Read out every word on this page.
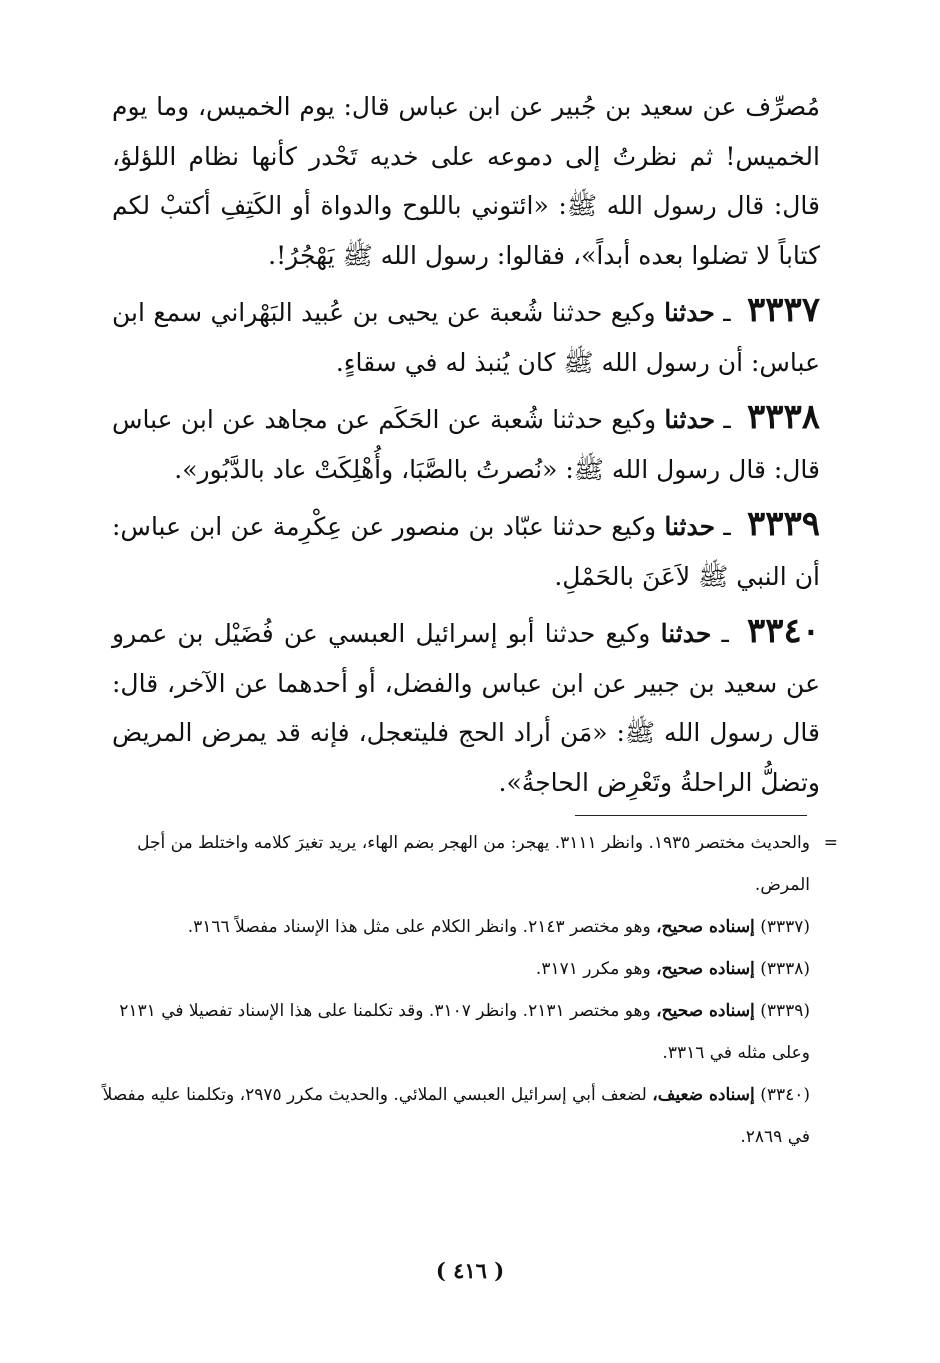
مُصرِّف عن سعيد بن جُبير عن ابن عباس قال: يوم الخميس، وما يوم الخميس! ثم نظرتُ إلى دموعه على خديه تَحْدر كأنها نظام اللؤلؤ، قال: قال رسول الله ﷺ: «ائتوني باللوح والدواة أو الكَتِفِ أكتبْ لكم كتاباً لا تضلوا بعده أبداً»، فقالوا: رسول الله ﷺ يَهْجُرُ!.

٣٣٣٧ ـ حدثنا وكيع حدثنا شُعبة عن يحيى بن عُبيد البَهْراني سمع ابن عباس: أن رسول الله ﷺ كان يُنبذ له في سقاءٍ.

٣٣٣٨ ـ حدثنا وكيع حدثنا شُعبة عن الحَكَم عن مجاهد عن ابن عباس قال: قال رسول الله ﷺ: «نُصرتُ بالصَّبَا، وأُهْلِكَتْ عاد بالدَّبُور».

٣٣٣٩ ـ حدثنا وكيع حدثنا عبّاد بن منصور عن عِكْرِمة عن ابن عباس: أن النبي ﷺ لاَعَنَ بالحَمْلِ.

٣٣٤٠ ـ حدثنا وكيع حدثنا أبو إسرائيل العبسي عن فُضَيْل بن عمرو عن سعيد بن جبير عن ابن عباس والفضل، أو أحدهما عن الآخر، قال: قال رسول الله ﷺ: «مَن أراد الحج فليتعجل، فإنه قد يمرض المريض وتضلُّ الراحلةُ وتَعْرِض الحاجةُ».

=
والحديث مختصر ١٩٣٥. وانظر ٣١١١. يهجر: من الهجر بضم الهاء، يريد تغيرَ كلامه واختلط من أجل المرض.

(٣٣٣٧) إسناده صحيح، وهو مختصر ٢١٤٣. وانظر الكلام على مثل هذا الإسناد مفصلاً ٣١٦٦.

(٣٣٣٨) إسناده صحيح، وهو مكرر ٣١٧١.

(٣٣٣٩) إسناده صحيح، وهو مختصر ٢١٣١. وانظر ٣١٠٧. وقد تكلمنا على هذا الإسناد تفصيلا في ٢١٣١ وعلى مثله في ٣٣١٦.

(٣٣٤٠) إسناده ضعيف، لضعف أبي إسرائيل العبسي الملائي. والحديث مكرر ٢٩٧٥، وتكلمنا عليه مفصلاً في ٢٨٦٩.

( ٤١٦ )
